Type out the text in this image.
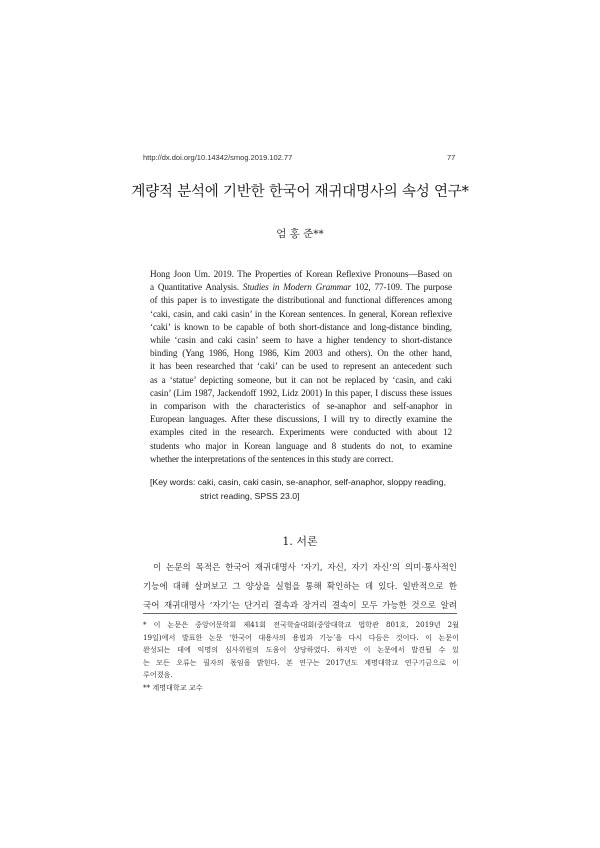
http://dx.doi.org/10.14342/smog.2019.102.77	77
계량적 분석에 기반한 한국어 재귀대명사의 속성 연구*
엄 홍 준**
Hong Joon Um. 2019. The Properties of Korean Reflexive Pronouns—Based on
a Quantitative Analysis. Studies in Modern Grammar 102, 77-109. The purpose
of this paper is to investigate the distributional and functional differences among
‘caki, casin, and caki casin’ in the Korean sentences. In general, Korean reflexive
‘caki’ is known to be capable of both short-distance and long-distance binding,
while ‘casin and caki casin’ seem to have a higher tendency to short-distance
binding (Yang 1986, Hong 1986, Kim 2003 and others). On the other hand,
it has been researched that ‘caki’ can be used to represent an antecedent such
as a ‘statue’ depicting someone, but it can not be replaced by ‘casin, and caki
casin’ (Lim 1987, Jackendoff 1992, Lidz 2001) In this paper, I discuss these issues
in comparison with the characteristics of se-anaphor and self-anaphor in
European languages. After these discussions, I will try to directly examine the
examples cited in the research. Experiments were conducted with about 12
students who major in Korean language and 8 students do not, to examine
whether the interpretations of the sentences in this study are correct.
[Key words: caki, casin, caki casin, se-anaphor, self-anaphor, sloppy reading,
strict reading, SPSS 23.0]
1. 서론
이 논문의 목적은 한국어 재귀대명사 ‘자기, 자신, 자기 자신’의 의미·통사적인
기능에 대해 살펴보고 그 양상을 실험을 통해 확인하는 데 있다. 일반적으로 한
국어 재귀대명사 ‘자기’는 단거리 결속과 장거리 결속이 모두 가능한 것으로 알려
* 이 논문은 중앙어문학회 제41회 전국학술대회(중앙대학교 법학관 801호, 2019년 2월
19일)에서 발표한 논문 ‘한국어 대용사의 용법과 기능’을 다시 다듬은 것이다. 이 논문이
완성되는 데에 익명의 심사위원의 도움이 상당하였다. 하지만 이 논문에서 발견될 수 있
는 모든 오류는 필자의 몫임을 밝힌다. 본 연구는 2017년도 계명대학교 연구기금으로 이
루어졌음.
** 계명대학교 교수
